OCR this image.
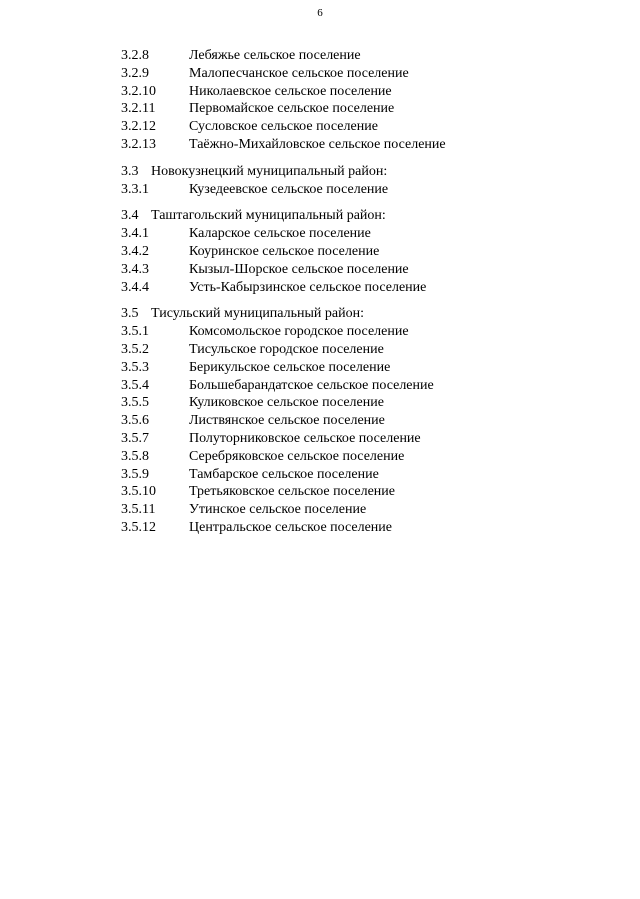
6
3.2.8	Лебяжье сельское поселение
3.2.9	Малопесчанское сельское поселение
3.2.10	Николаевское сельское поселение
3.2.11	Первомайское сельское поселение
3.2.12	Сусловское сельское поселение
3.2.13	Таёжно-Михайловское сельское поселение
3.3 Новокузнецкий муниципальный район:
3.3.1	Кузедеевское сельское поселение
3.4 Таштагольский муниципальный район:
3.4.1	Каларское сельское поселение
3.4.2	Коуринское сельское поселение
3.4.3	Кызыл-Шорское сельское поселение
3.4.4	Усть-Кабырзинское сельское поселение
3.5 Тисульский муниципальный район:
3.5.1	Комсомольское городское поселение
3.5.2	Тисульское городское поселение
3.5.3	Берикульское сельское поселение
3.5.4	Большебарандатское сельское поселение
3.5.5	Куликовское сельское поселение
3.5.6	Листвянское сельское поселение
3.5.7	Полуторниковское сельское поселение
3.5.8	Серебряковское сельское поселение
3.5.9	Тамбарское сельское поселение
3.5.10	Третьяковское сельское поселение
3.5.11	Утинское сельское поселение
3.5.12	Центральское сельское поселение
